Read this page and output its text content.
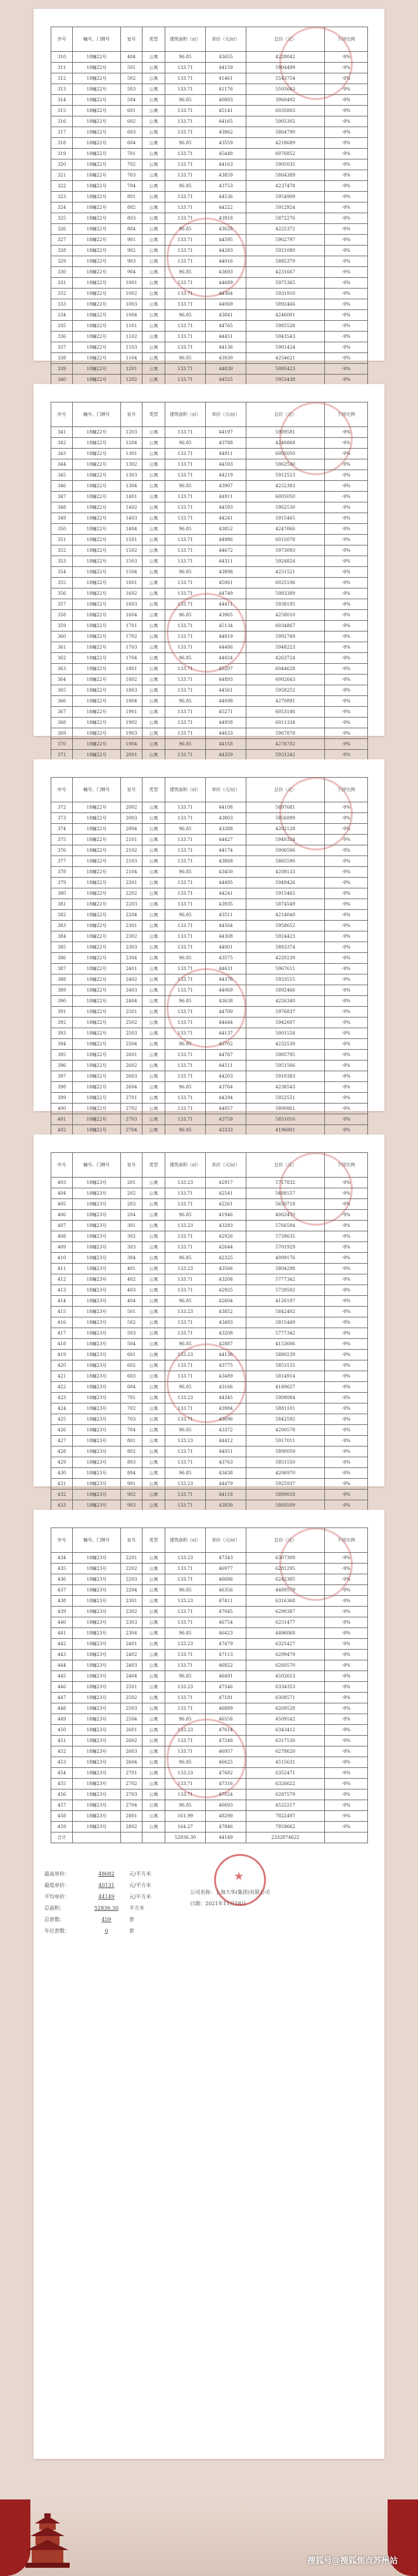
序号	幢号、门牌号	室号	类型	建筑面积（㎡）	单价（元/㎡）	总价（元）	下浮比例
310	18幢22号	404	公寓	96.85	43655	4228042	-9%
311	18幢22号	501	公寓	133.71	44159	5904499	-9%
312	18幢22号	502	公寓	133.71	41461	5543754	-9%
313	18幢22号	503	公寓	133.71	41176	5505643	-9%
314	18幢22号	504	公寓	96.85	40893	3960492	-9%
315	18幢22号	601	公寓	133.71	45141	6035803	-9%
316	18幢22号	602	公寓	133.71	44165	5905302	-9%
317	18幢22号	603	公寓	133.71	43862	5864790	-9%
318	18幢22号	604	公寓	96.85	43559	4218689	-9%
319	18幢22号	701	公寓	133.71	45448	6076852	-9%
320	18幢22号	702	公寓	133.71	44163	5905035	-9%
321	18幢22号	703	公寓	133.71	43859	5864389	-9%
322	18幢22号	704	公寓	96.85	43753	4237478	-9%
323	18幢22号	801	公寓	133.71	44536	5954909	-9%
324	18幢22号	802	公寓	133.71	44222	5912924	-9%
325	18幢22号	803	公寓	133.71	43918	5872276	-9%
326	18幢22号	804	公寓	96.85	43628	4225372	-9%
327	18幢22号	901	公寓	133.71	44595	5962797	-9%
328	18幢22号	902	公寓	133.71	44283	5921080	-9%
329	18幢22号	903	公寓	133.71	44016	5885379	-9%
330	18幢22号	904	公寓	96.85	43693	4231667	-9%
331	18幢22号	1001	公寓	133.71	44689	5975365	-9%
332	18幢22号	1002	公寓	133.71	44364	5931910	-9%
333	18幢22号	1003	公寓	133.71	44069	5892466	-9%
334	18幢22号	1004	公寓	96.85	43841	4246001	-9%
335	18幢22号	1101	公寓	133.71	44765	5985528	-9%
336	18幢22号	1102	公寓	133.71	44451	5943543	-9%
337	18幢22号	1103	公寓	133.71	44136	5901424	-9%
338	18幢22号	1104	公寓	96.85	43930	4254621	-9%
339	18幢22号	1201	公寓	133.71	44839	5995423	-9%
340	18幢22号	1202	公寓	133.71	44525	5953438	-9%
序号	幢号、门牌号	室号	类型	建筑面积（㎡）	单价（元/㎡）	总价（元）	下浮比例
341	18幢22号	1203	公寓	133.71	44197	5909581	-9%
342	18幢22号	1204	公寓	96.85	43788	4240868	-9%
343	18幢22号	1301	公寓	133.71	44911	6005050	-9%
344	18幢22号	1302	公寓	133.71	44593	5962530	-9%
345	18幢22号	1303	公寓	133.71	44219	5912523	-9%
346	18幢22号	1304	公寓	96.85	43907	4252393	-9%
347	18幢22号	1401	公寓	133.71	44911	6005050	-9%
348	18幢22号	1402	公寓	133.71	44593	5962530	-9%
349	18幢22号	1403	公寓	133.71	44241	5915465	-9%
350	18幢22号	1404	公寓	96.85	43852	4247066	-9%
351	18幢22号	1501	公寓	133.71	44986	6015078	-9%
352	18幢22号	1502	公寓	133.71	44672	5973093	-9%
353	18幢22号	1503	公寓	133.71	44311	5924824	-9%
354	18幢22号	1504	公寓	96.85	43898	4251521	-9%
355	18幢22号	1601	公寓	133.71	45061	6025106	-9%
356	18幢22号	1602	公寓	133.71	44749	5983389	-9%
357	18幢22号	1603	公寓	133.71	44411	5938195	-9%
358	18幢22号	1604	公寓	96.85	43965	4258010	-9%
359	18幢22号	1701	公寓	133.71	45134	6034867	-9%
360	18幢22号	1702	公寓	133.71	44819	5992749	-9%
361	18幢22号	1703	公寓	133.71	44486	5948223	-9%
362	18幢22号	1704	公寓	96.85	44024	4263724	-9%
363	18幢22号	1801	公寓	133.71	45207	6044628	-9%
364	18幢22号	1802	公寓	133.71	44893	6002643	-9%
365	18幢22号	1803	公寓	133.71	44561	5958252	-9%
366	18幢22号	1804	公寓	96.85	44098	4270891	-9%
367	18幢22号	1901	公寓	133.71	45271	6053186	-9%
368	18幢22号	1902	公寓	133.71	44958	6011334	-9%
369	18幢22号	1903	公寓	133.71	44633	5967878	-9%
370	18幢22号	1904	公寓	96.85	44158	4276702	-9%
371	18幢22号	2001	公寓	133.71	44359	5931242	-9%
序号	幢号、门牌号	室号	类型	建筑面积（㎡）	单价（元/㎡）	总价（元）	下浮比例
372	18幢22号	2002	公寓	133.71	44108	5897681	-9%
373	18幢22号	2003	公寓	133.71	43803	5856899	-9%
374	18幢22号	2004	公寓	96.85	43388	4202128	-9%
375	18幢22号	2101	公寓	133.71	44427	5940334	-9%
376	18幢22号	2102	公寓	133.71	44174	5906506	-9%
377	18幢22号	2103	公寓	133.71	43868	5865590	-9%
378	18幢22号	2104	公寓	96.85	43450	4208133	-9%
379	18幢22号	2201	公寓	133.71	44495	5949426	-9%
380	18幢22号	2202	公寓	133.71	44241	5915465	-9%
381	18幢22号	2203	公寓	133.71	43935	5874549	-9%
382	18幢22号	2204	公寓	96.85	43511	4214040	-9%
383	18幢22号	2301	公寓	133.71	44564	5958652	-9%
384	18幢22号	2302	公寓	133.71	44308	5924423	-9%
385	18幢22号	2303	公寓	133.71	44001	5883374	-9%
386	18幢22号	2304	公寓	96.85	43575	4220239	-9%
387	18幢22号	2401	公寓	133.71	44631	5967611	-9%
388	18幢22号	2402	公寓	133.71	44376	5933515	-9%
389	18幢22号	2403	公寓	133.71	44069	5892466	-9%
390	18幢22号	2404	公寓	96.85	43638	4226340	-9%
391	18幢22号	2501	公寓	133.71	44700	5976837	-9%
392	18幢22号	2502	公寓	133.71	44444	5942607	-9%
393	18幢22号	2503	公寓	133.71	44137	5901558	-9%
394	18幢22号	2504	公寓	96.85	43702	4232539	-9%
395	18幢22号	2601	公寓	133.71	44767	5985795	-9%
396	18幢22号	2602	公寓	133.71	44511	5951566	-9%
397	18幢22号	2603	公寓	133.71	44203	5910383	-9%
398	18幢22号	2604	公寓	96.85	43764	4238543	-9%
399	18幢22号	2701	公寓	133.71	44294	5922551	-9%
400	18幢22号	2702	公寓	133.71	44057	5890861	-9%
401	18幢22号	2703	公寓	133.71	43759	5851016	-9%
402	18幢22号	2704	公寓	96.85	43333	4196801	-9%
序号	幢号、门牌号	室号	类型	建筑面积（㎡）	单价（元/㎡）	总价（元）	下浮比例
403	18幢23号	201	公寓	133.23	42917	5717832	-9%
404	18幢23号	202	公寓	133.71	42541	5688157	-9%
405	18幢23号	203	公寓	133.71	42261	5650718	-9%
406	18幢23号	204	公寓	96.85	41946	4062470	-9%
407	18幢23号	301	公寓	133.23	43283	5766594	-9%
408	18幢23号	302	公寓	133.71	42926	5739635	-9%
409	18幢23号	303	公寓	133.71	42644	5701929	-9%
410	18幢23号	304	公寓	96.85	42325	4099176	-9%
411	18幢23号	401	公寓	133.23	43566	5804298	-9%
412	18幢23号	402	公寓	133.71	43208	5777342	-9%
413	18幢23号	403	公寓	133.71	42925	5739502	-9%
414	18幢23号	404	公寓	96.85	42604	4126197	-9%
415	18幢23号	501	公寓	133.23	43852	5842402	-9%
416	18幢23号	502	公寓	133.71	43493	5815449	-9%
417	18幢23号	503	公寓	133.71	43208	5777342	-9%
418	18幢23号	504	公寓	96.85	42887	4153606	-9%
419	18幢23号	601	公寓	133.23	44136	5880239	-9%
420	18幢23号	602	公寓	133.71	43775	5853155	-9%
421	18幢23号	603	公寓	133.71	43489	5814914	-9%
422	18幢23号	604	公寓	96.85	43166	4180627	-9%
423	18幢23号	701	公寓	133.23	44345	5908084	-9%
424	18幢23号	702	公寓	133.71	43984	5881101	-9%
425	18幢23号	703	公寓	133.71	43696	5842592	-9%
426	18幢23号	704	公寓	96.85	43372	4200578	-9%
427	18幢23号	801	公寓	133.23	44412	5917011	-9%
428	18幢23号	802	公寓	133.71	44051	5890059	-9%
429	18幢23号	803	公寓	133.71	43763	5851550	-9%
430	18幢23号	804	公寓	96.85	43438	4206970	-9%
431	18幢23号	901	公寓	133.23	44479	5925937	-9%
432	18幢23号	902	公寓	133.71	44118	5899018	-9%
433	18幢23号	903	公寓	133.71	43830	5860509	-9%
序号	幢号、门牌号	室号	类型	建筑面积（㎡）	单价（元/㎡）	总价（元）	下浮比例
434	18幢23号	2201	公寓	133.23	47343	6307309	-9%
435	18幢23号	2202	公寓	133.71	46977	6281295	-9%
436	18幢23号	2203	公寓	133.71	46686	6242385	-9%
437	18幢23号	2204	公寓	96.85	46356	4489579	-9%
438	18幢23号	2301	公寓	133.23	47411	6316368	-9%
439	18幢23号	2302	公寓	133.71	47045	6290387	-9%
440	18幢23号	2303	公寓	133.71	46754	6251477	-9%
441	18幢23号	2304	公寓	96.85	46423	4496068	-9%
442	18幢23号	2401	公寓	133.23	47479	6325427	-9%
443	18幢23号	2402	公寓	133.71	47113	6299479	-9%
444	18幢23号	2403	公寓	133.71	46822	6260570	-9%
445	18幢23号	2404	公寓	96.85	46491	4502653	-9%
446	18幢23号	2501	公寓	133.23	47546	6334353	-9%
447	18幢23号	2502	公寓	133.71	47181	6308571	-9%
448	18幢23号	2503	公寓	133.71	46889	6269528	-9%
449	18幢23号	2504	公寓	96.85	46558	4509142	-9%
450	18幢23号	2601	公寓	133.23	47614	6343412	-9%
451	18幢23号	2602	公寓	133.71	47248	6317530	-9%
452	18幢23号	2603	公寓	133.71	46957	6278620	-9%
453	18幢23号	2604	公寓	96.85	46625	4515631	-9%
454	18幢23号	2701	公寓	133.23	47682	6352471	-9%
455	18幢23号	2702	公寓	133.71	47316	6326622	-9%
456	18幢23号	2703	公寓	133.71	47024	6287579	-9%
457	18幢23号	2704	公寓	96.85	46693	4522217	-9%
458	18幢23号	2801	公寓	161.99	48290	7822497	-9%
459	18幢23号	2802	公寓	164.27	47846	7859662	-9%
合计				52836.30	44149	2332874622	
最高单价：	48682	元/平方米
最低单价：	40131	元/平方米
平均单价：	44149	元/平方米
总面积：	52836.30	平方米
总套数：	459	套
车位套数：	0	套
★
公司名称：上海大华(集团)有限公司
日期：2021年11月18日
搜狐号@搜狐焦点苏州站
